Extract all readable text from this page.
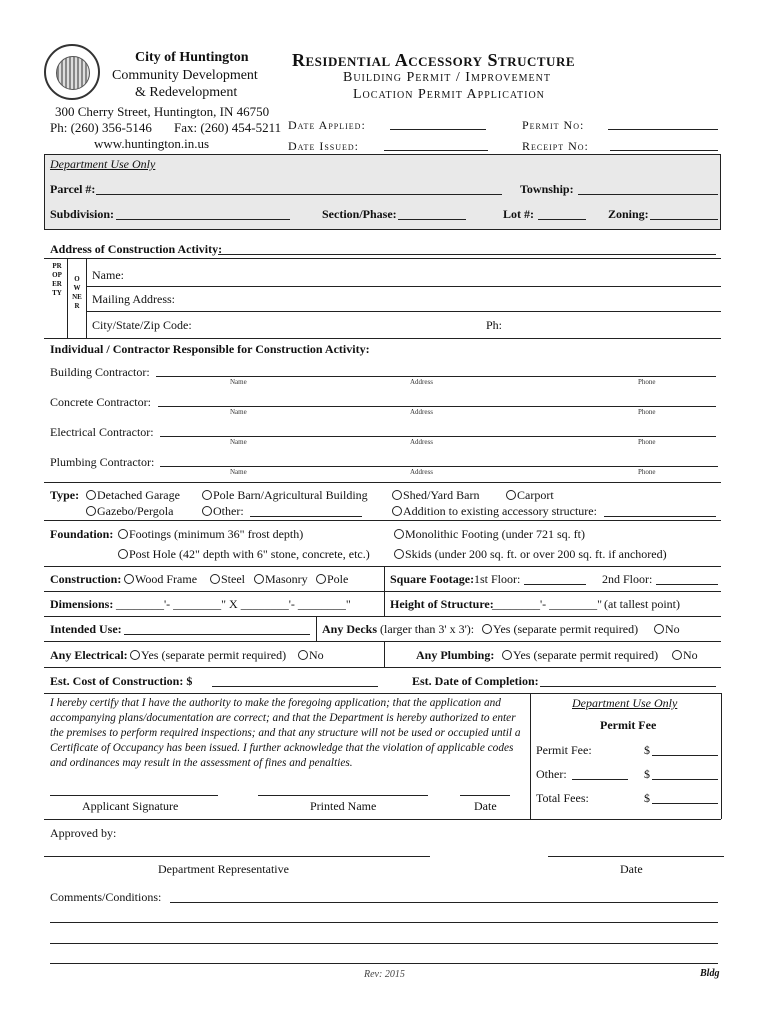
City of Huntington
Community Development
& Redevelopment
300 Cherry Street, Huntington, IN 46750
Ph: (260) 356-5146 Fax: (260) 454-5211
www.huntington.in.us
Residential Accessory Structure
Building Permit / Improvement
Location Permit Application
Date Applied:	Permit No:
Date Issued:	Receipt No:
Department Use Only
Parcel #:	Township:
Subdivision:	Section/Phase:	Lot #:	Zoning:
Address of Construction Activity:
PROPERTY
OWNER
Name:
Mailing Address:
City/State/Zip Code:	Ph:
Individual / Contractor Responsible for Construction Activity:
Building Contractor:
Name	Address	Phone
Concrete Contractor:
Name	Address	Phone
Electrical Contractor:
Name	Address	Phone
Plumbing Contractor:
Name	Address	Phone
Type:	Detached Garage	Pole Barn/Agricultural Building	Shed/Yard Barn	Carport
Gazebo/Pergola	Other:	Addition to existing accessory structure:
Foundation:	Footings (minimum 36" frost depth)	Monolithic Footing (under 721 sq. ft)
Post Hole (42" depth with 6" stone, concrete, etc.)	Skids (under 200 sq. ft. or over 200 sq. ft. if anchored)
Construction:	Wood Frame	Steel	Masonry	Pole	Square Footage: 1st Floor:	2nd Floor:
Dimensions: ________'- ________" X ________'- ________"	Height of Structure:
________'- ________" (at tallest point)
Intended Use:	Any Decks (larger than 3' x 3'):	Yes (separate permit required)	No
Any Electrical:	Yes (separate permit required)	No	Any Plumbing:	Yes (separate permit required)	No
Est. Cost of Construction: $	Est. Date of Completion:
I hereby certify that I have the authority to make the foregoing application; that the application and accompanying plans/documentation are correct; and that the Department is hereby authorized to enter the premises to perform required inspections; and that any structure will not be used or occupied until a Certificate of Occupancy has been issued. I further acknowledge that the violation of applicable codes and ordinances may result in the assessment of fines and penalties.
Department Use Only
Permit Fee
Permit Fee:	$
Other:	$
Total Fees:	$
Applicant Signature	Printed Name	Date
Approved by:
Department Representative	Date
Comments/Conditions:
Rev: 2015	Bldg
